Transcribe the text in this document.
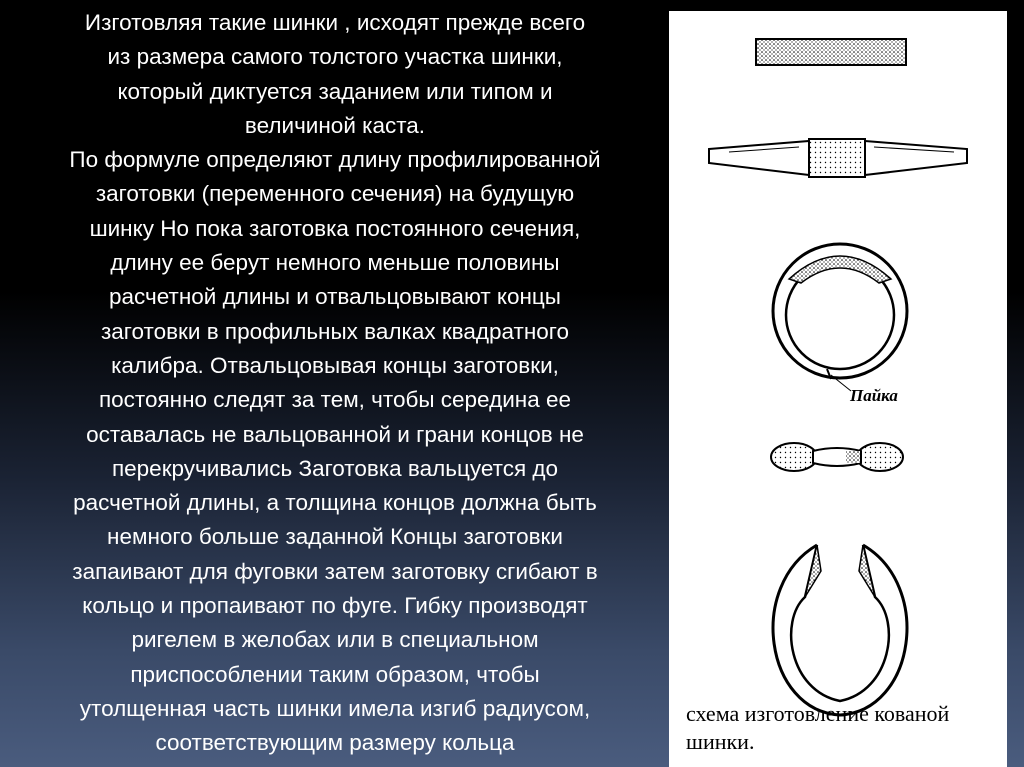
Изготовляя такие шинки , исходят прежде всего
из размера самого толстого участка шинки,
который диктуется заданием или типом и
величиной каста.
По формуле определяют длину профилированной
заготовки (переменного сечения) на будущую
шинку Но пока заготовка постоянного сечения,
длину ее берут немного меньше половины
расчетной длины и отвальцовывают концы
заготовки в профильных валках квадратного
калибра. Отвальцовывая концы заготовки,
постоянно следят за тем, чтобы середина ее
оставалась не вальцованной и грани концов не
перекручивались Заготовка вальцуется до
расчетной длины, а толщина концов должна быть
немного больше заданной Концы заготовки
запаивают для фуговки затем заготовку сгибают в
кольцо и пропаивают по фуге. Гибку производят
ригелем в желобах или в специальном
приспособлении таким образом, чтобы
утолщенная часть шинки имела изгиб радиусом,
соответствующим размеру кольца
Пайка
схема изготовление кованой
шинки.
